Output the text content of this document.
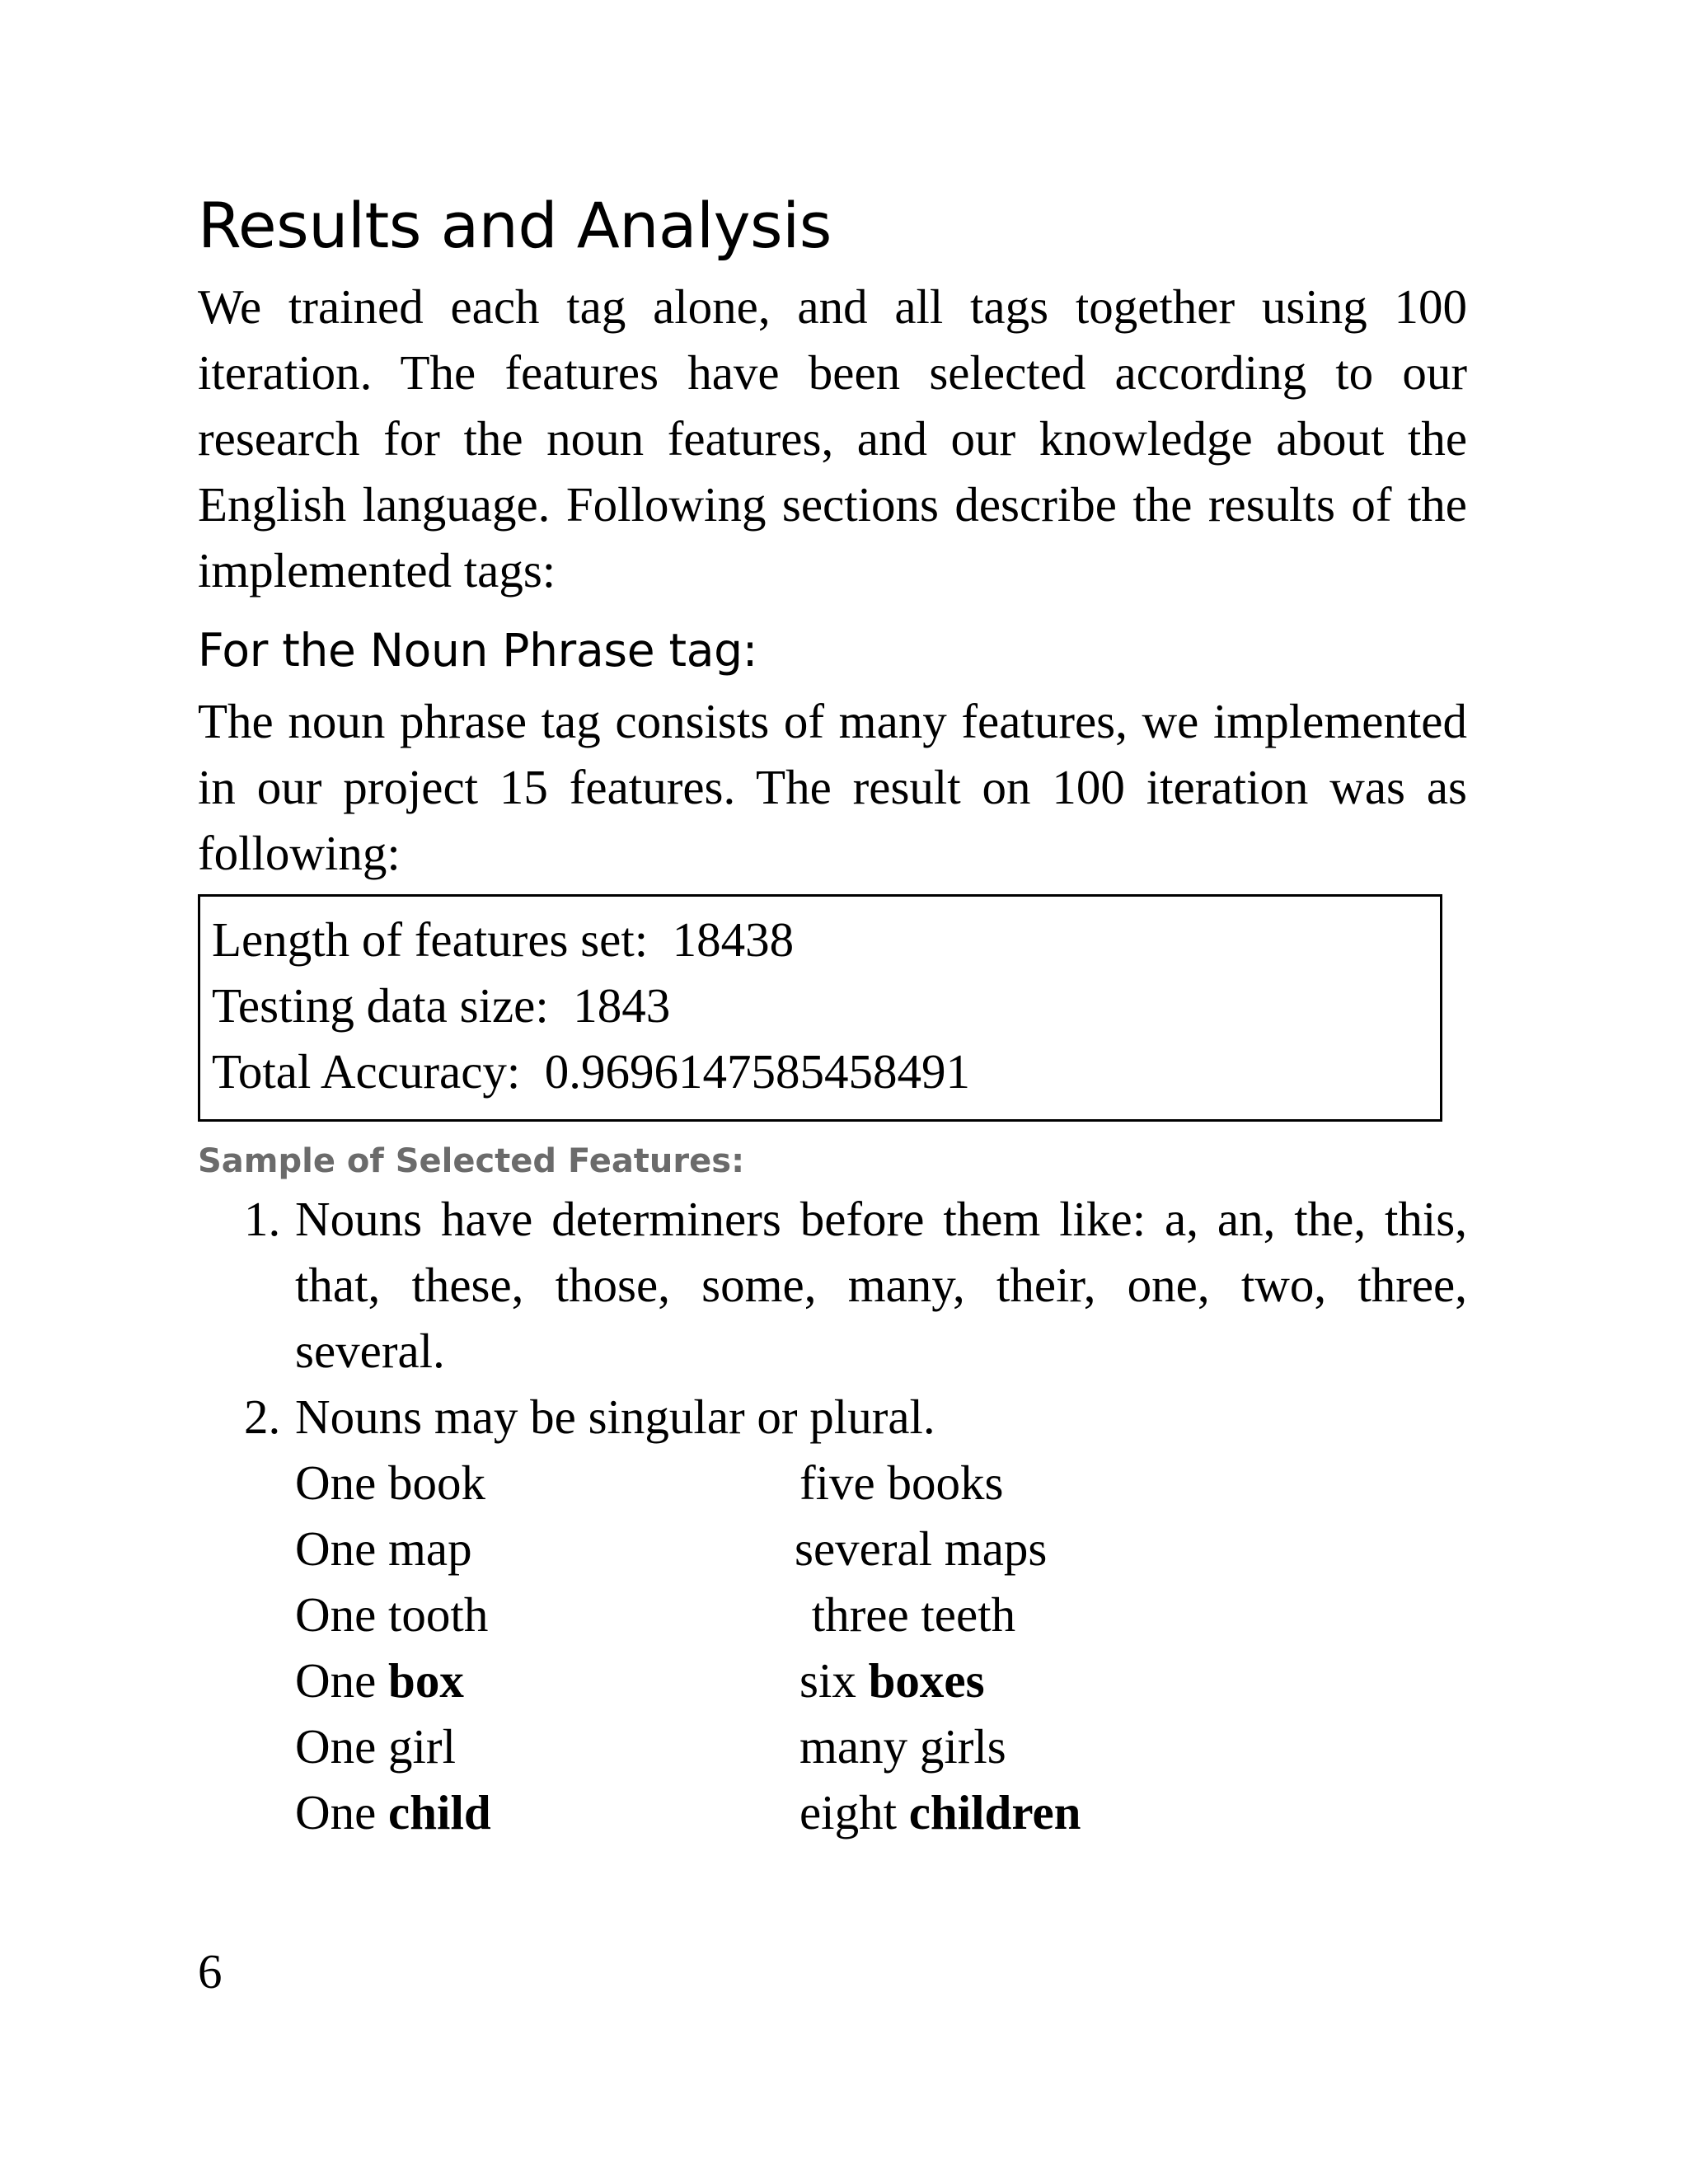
Results and Analysis

We trained each tag alone, and all tags together using 100 iteration. The features have been selected according to our research for the noun features, and our knowledge about the English language. Following sections describe the results of the implemented tags:

For the Noun Phrase tag:

The noun phrase tag consists of many features, we implemented in our project 15 features. The result on 100 iteration was as following:

Length of features set:  18438
Testing data size:  1843
Total Accuracy:  0.9696147585458491
Sample of Selected Features:
1. Nouns have determiners before them like: a, an, the, this, that, these, those, some, many, their, one, two, three, several.
2. Nouns may be singular or plural.
One book	five books
One map	several maps
One tooth	three teeth
One box	six boxes
One girl	many girls
One child	eight children
6
